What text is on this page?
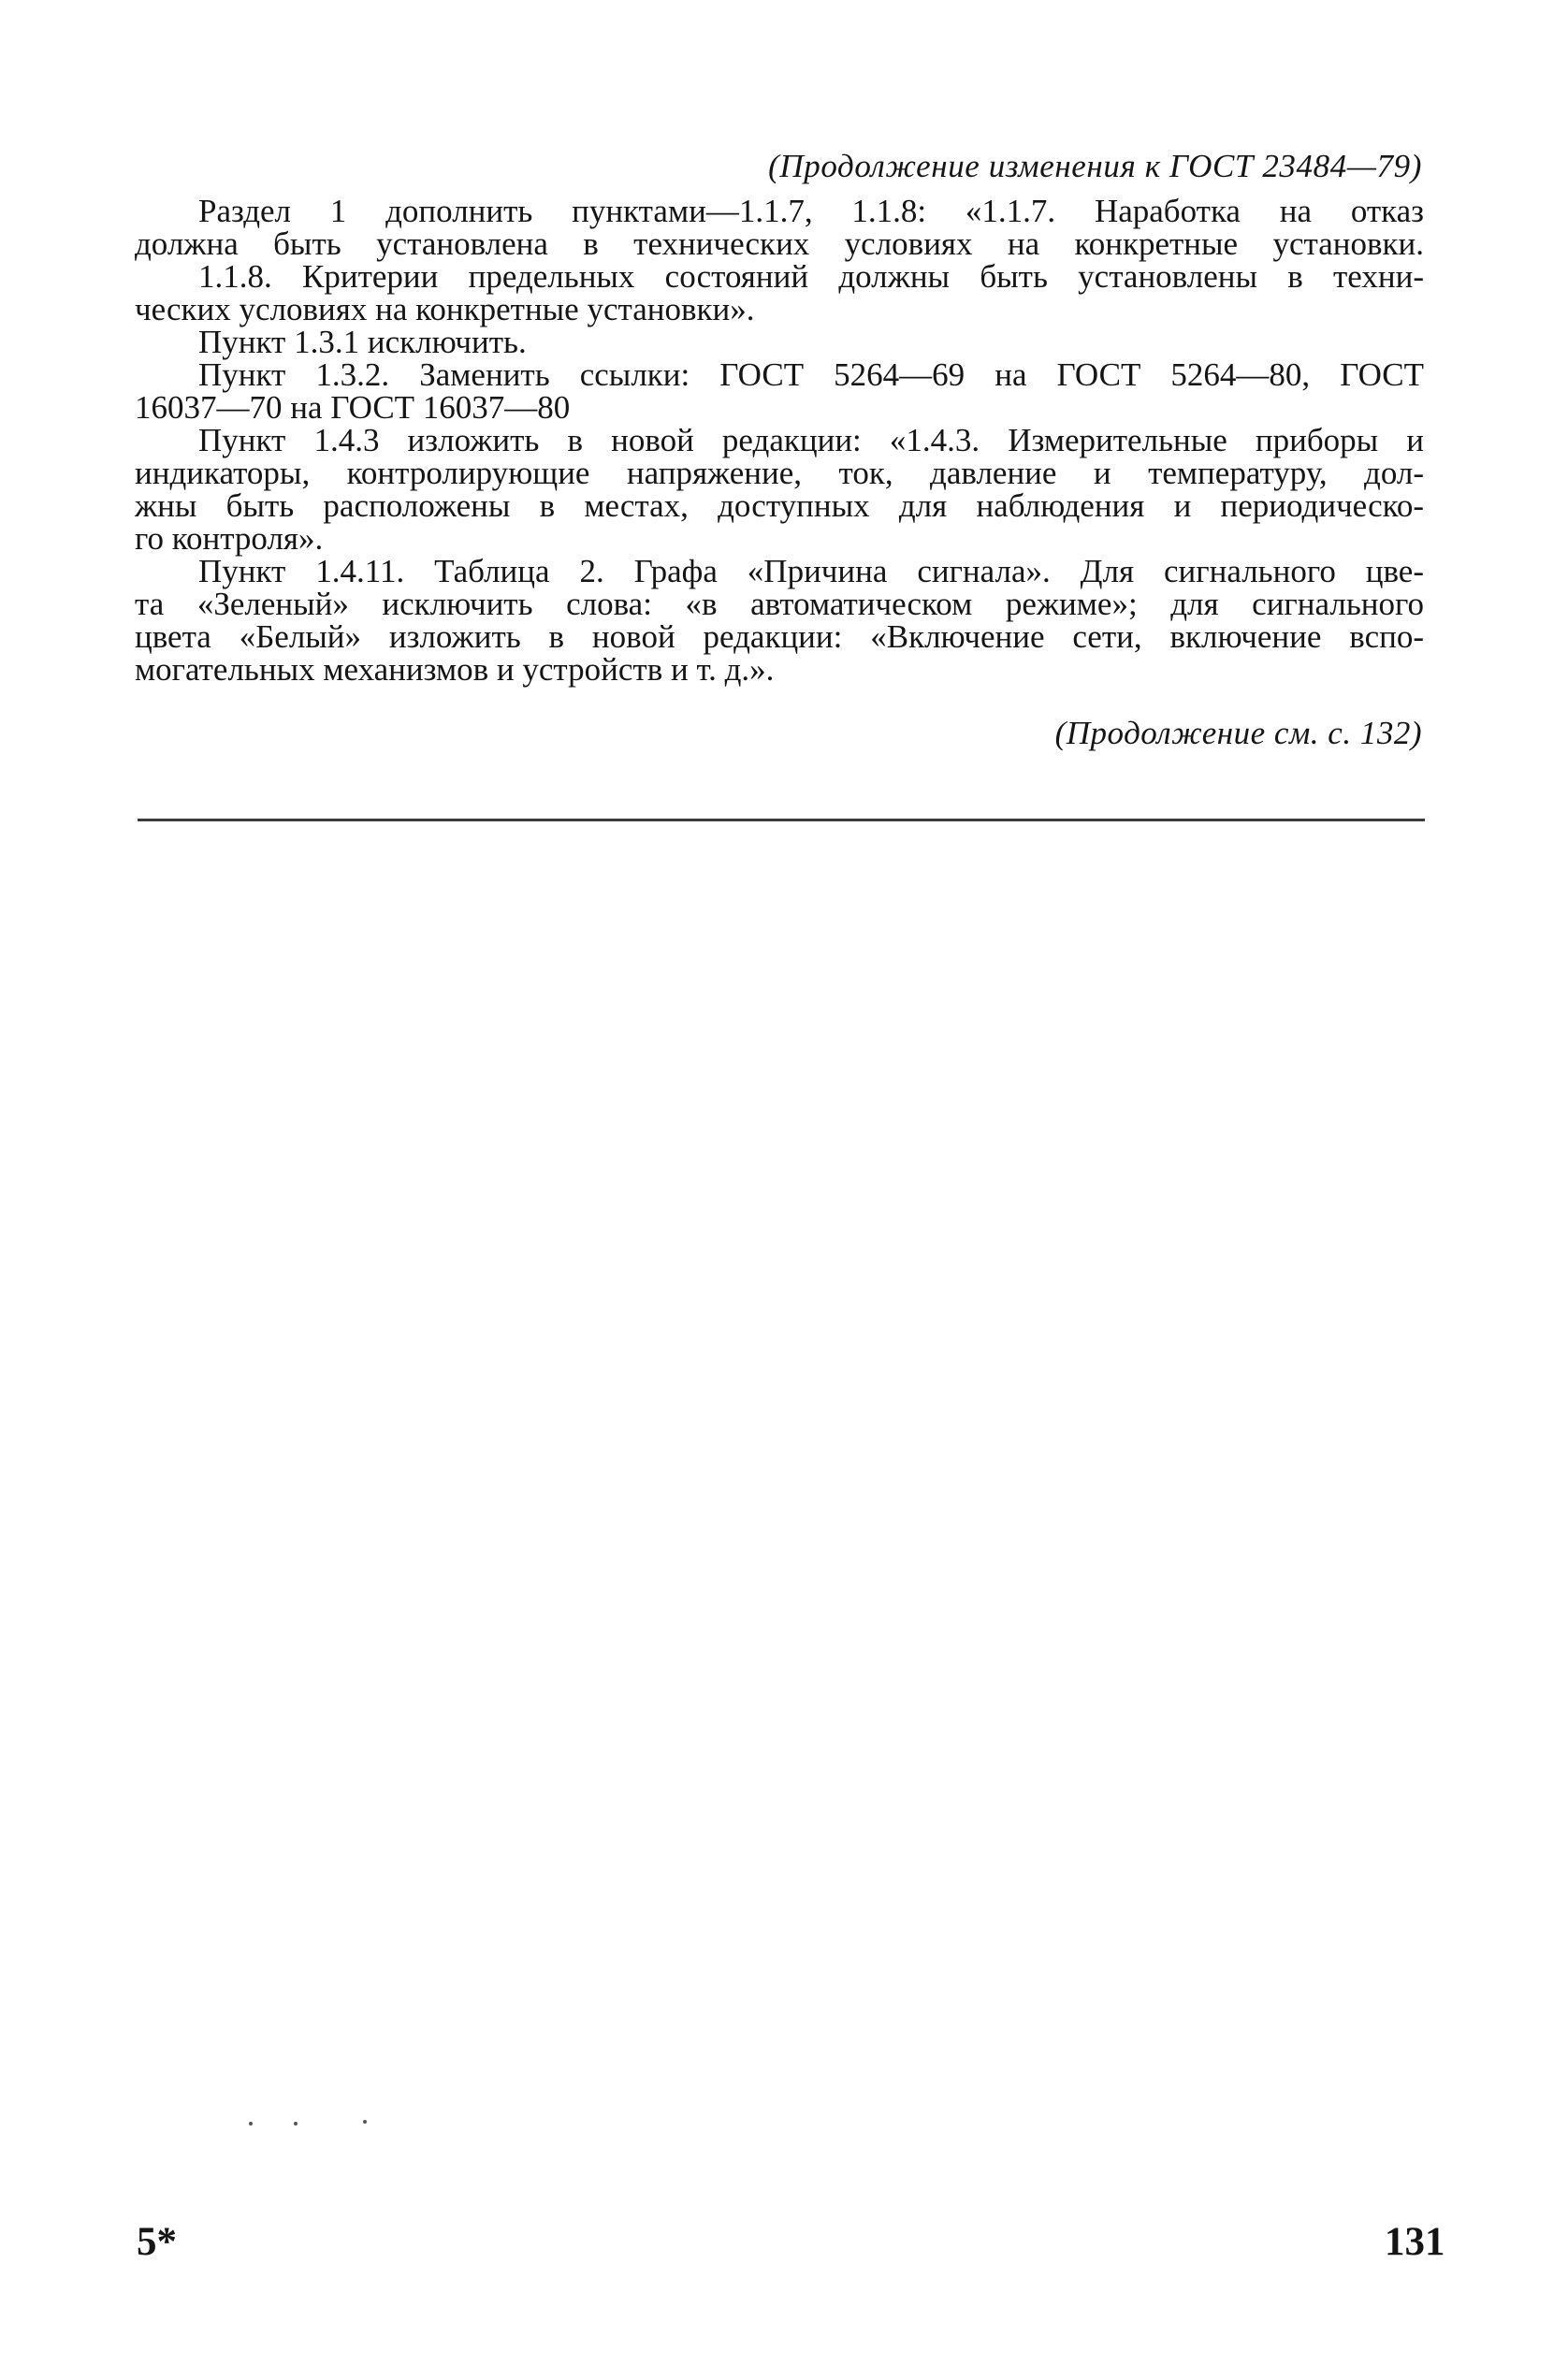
(Продолжение изменения к ГОСТ 23484—79)
Раздел 1 дополнить пунктами—1.1.7, 1.1.8: «1.1.7. Наработка на отказ
должна быть установлена в технических условиях на конкретные установки.
1.1.8. Критерии предельных состояний должны быть установлены в техни-
ческих условиях на конкретные установки».
Пункт 1.3.1 исключить.
Пункт 1.3.2. Заменить ссылки: ГОСТ 5264—69 на ГОСТ 5264—80, ГОСТ
16037—70 на ГОСТ 16037—80
Пункт 1.4.3 изложить в новой редакции: «1.4.3. Измерительные приборы и
индикаторы, контролирующие напряжение, ток, давление и температуру, дол-
жны быть расположены в местах, доступных для наблюдения и периодическо-
го контроля».
Пункт 1.4.11. Таблица 2. Графа «Причина сигнала». Для сигнального цве-
та «Зеленый» исключить слова: «в автоматическом режиме»; для сигнального
цвета «Белый» изложить в новой редакции: «Включение сети, включение вспо-
могательных механизмов и устройств и т. д.».
(Продолжение см. с. 132)
5*	131
